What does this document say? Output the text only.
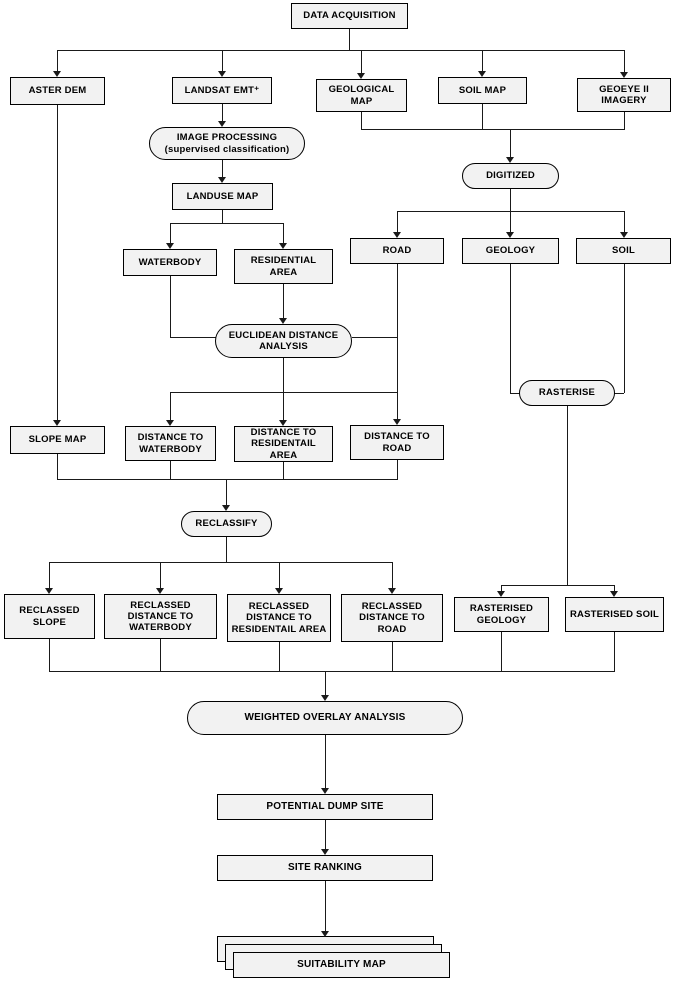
DATA ACQUISITION
ASTER DEM	LANDSAT EMT⁺	GEOLOGICAL MAP
SOIL MAP	GEOEYE II IMAGERY
IMAGE PROCESSING (supervised classification)
LANDUSE MAP
DIGITIZED
WATERBODY	RESIDENTIAL AREA
ROAD	GEOLOGY	SOIL
EUCLIDEAN DISTANCE ANALYSIS
RASTERISE
SLOPE MAP	DISTANCE TO WATERBODY
DISTANCE TO RESIDENTAIL AREA
DISTANCE TO ROAD
RECLASSIFY
RECLASSED SLOPE
RECLASSED DISTANCE TO WATERBODY
RECLASSED DISTANCE TO RESIDENTAIL AREA
RECLASSED DISTANCE TO ROAD
RASTERISED GEOLOGY
RASTERISED SOIL
WEIGHTED OVERLAY ANALYSIS
POTENTIAL DUMP SITE
SITE RANKING
SUITABILITY MAP
